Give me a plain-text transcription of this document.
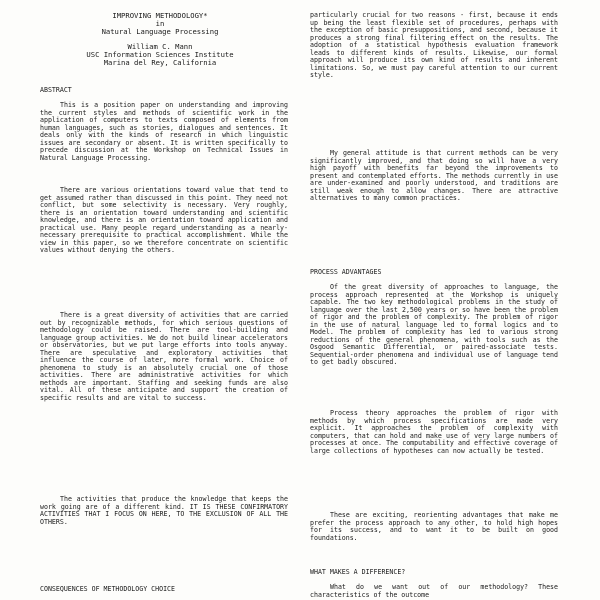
IMPROVING METHODOLOGY*

in

Natural Language Processing

William C. Mann

USC Information Sciences Institute

Marina del Rey, California

ABSTRACT

This is a position paper on understanding and improving the current styles and methods of scientific work in the application of computers to texts composed of elements from human languages, such as stories, dialogues and sentences. It deals only with the kinds of research in which linguistic issues are secondary or absent. It is written specifically to precede discussion at the Workshop on Technical Issues in Natural Language Processing.

There are various orientations toward value that tend to get assumed rather than discussed in this point. They need not conflict, but some selectivity is necessary. Very roughly, there is an orientation toward understanding and scientific knowledge, and there is an orientation toward application and practical use. Many people regard understanding as a nearly-necessary prerequisite to practical accomplishment. While the view in this paper, so we therefore concentrate on scientific values without denying the others.

There is a great diversity of activities that are carried out by recognizable methods, for which serious questions of methodology could be raised. There are tool-building and language group activities. We do not build linear accelerators or observatories, but we put large efforts into tools anyway. There are speculative and exploratory activities that influence the course of later, more formal work. Choice of phenomena to study is an absolutely crucial one of those activities. There are administrative activities for which methods are important. Staffing and seeking funds are also vital. All of these anticipate and support the creation of specific results and are vital to success.

The activities that produce the knowledge that keeps the work going are of a different kind. IT IS THESE CONFIRMATORY ACTIVITIES THAT I FOCUS ON HERE, TO THE EXCLUSION OF ALL THE OTHERS.

CONSEQUENCES OF METHODOLOGY CHOICE

particularly crucial for two reasons - first, because it ends up being the least flexible set of procedures, perhaps with the exception of basic presuppositions, and second, because it produces a strong final filtering effect on the results. The adoption of a statistical hypothesis evaluation framework leads to different kinds of results. Likewise, our formal approach will produce its own kind of results and inherent limitations. So, we must pay careful attention to our current style.

My general attitude is that current methods can be very significantly improved, and that doing so will have a very high payoff with benefits far beyond the improvements to present and contemplated efforts. The methods currently in use are under-examined and poorly understood, and traditions are still weak enough to allow changes. There are attractive alternatives to many common practices.

PROCESS ADVANTAGES

Of the great diversity of approaches to language, the process approach represented at the Workshop is uniquely capable. The two key methodological problems in the study of language over the last 2,500 years or so have been the problem of rigor and the problem of complexity. The problem of rigor in the use of natural language led to formal logics and to Model. The problem of complexity has led to various strong reductions of the general phenomena, with tools such as the Osgood Semantic Differential, or paired-associate tests. Sequential-order phenomena and individual use of language tend to get badly obscured.

Process theory approaches the problem of rigor with methods by which process specifications are made very explicit. It approaches the problem of complexity with computers, that can hold and make use of very large numbers of processes at once. The computability and effective coverage of large collections of hypotheses can now actually be tested.

These are exciting, reorienting advantages that make me prefer the process approach to any other, to hold high hopes for its success, and to want it to be built on good foundations.

WHAT MAKES A DIFFERENCE?

What do we want out of our methodology? These characteristics of the outcome
